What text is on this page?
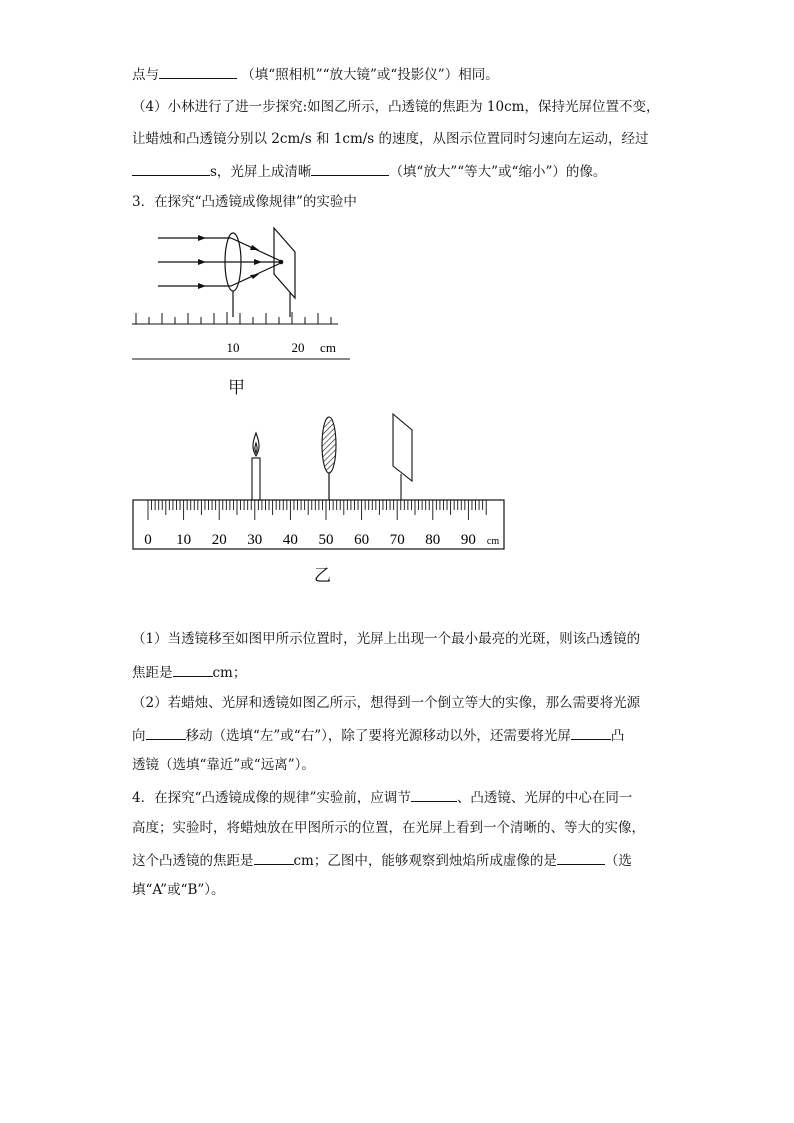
点与	（填“照相机”“放大镜”或“投影仪”）相同。
（4）小林进行了进一步探究:如图乙所示，凸透镜的焦距为 10cm，保持光屏位置不变，
让蜡烛和凸透镜分别以 2cm/s 和 1cm/s 的速度，从图示位置同时匀速向左运动，经过
s，光屏上成清晰	（填“放大”“等大”或“缩小”）的像。
3．在探究“凸透镜成像规律”的实验中
10	20 cm
甲
0 10 20 30 40 50 60 70 80 90 cm
乙
（1）当透镜移至如图甲所示位置时，光屏上出现一个最小最亮的光斑，则该凸透镜的
焦距是	cm；
（2）若蜡烛、光屏和透镜如图乙所示，想得到一个倒立等大的实像，那么需要将光源
向	移动（选填“左”或“右”），除了要将光源移动以外，还需要将光屏	凸
透镜（选填“靠近”或“远离”）。
4．在探究“凸透镜成像的规律”实验前，应调节	、凸透镜、光屏的中心在同一
高度；实验时，将蜡烛放在甲图所示的位置，在光屏上看到一个清晰的、等大的实像，
这个凸透镜的焦距是	cm；乙图中，能够观察到烛焰所成虚像的是	（选
填“A”或“B”）。
